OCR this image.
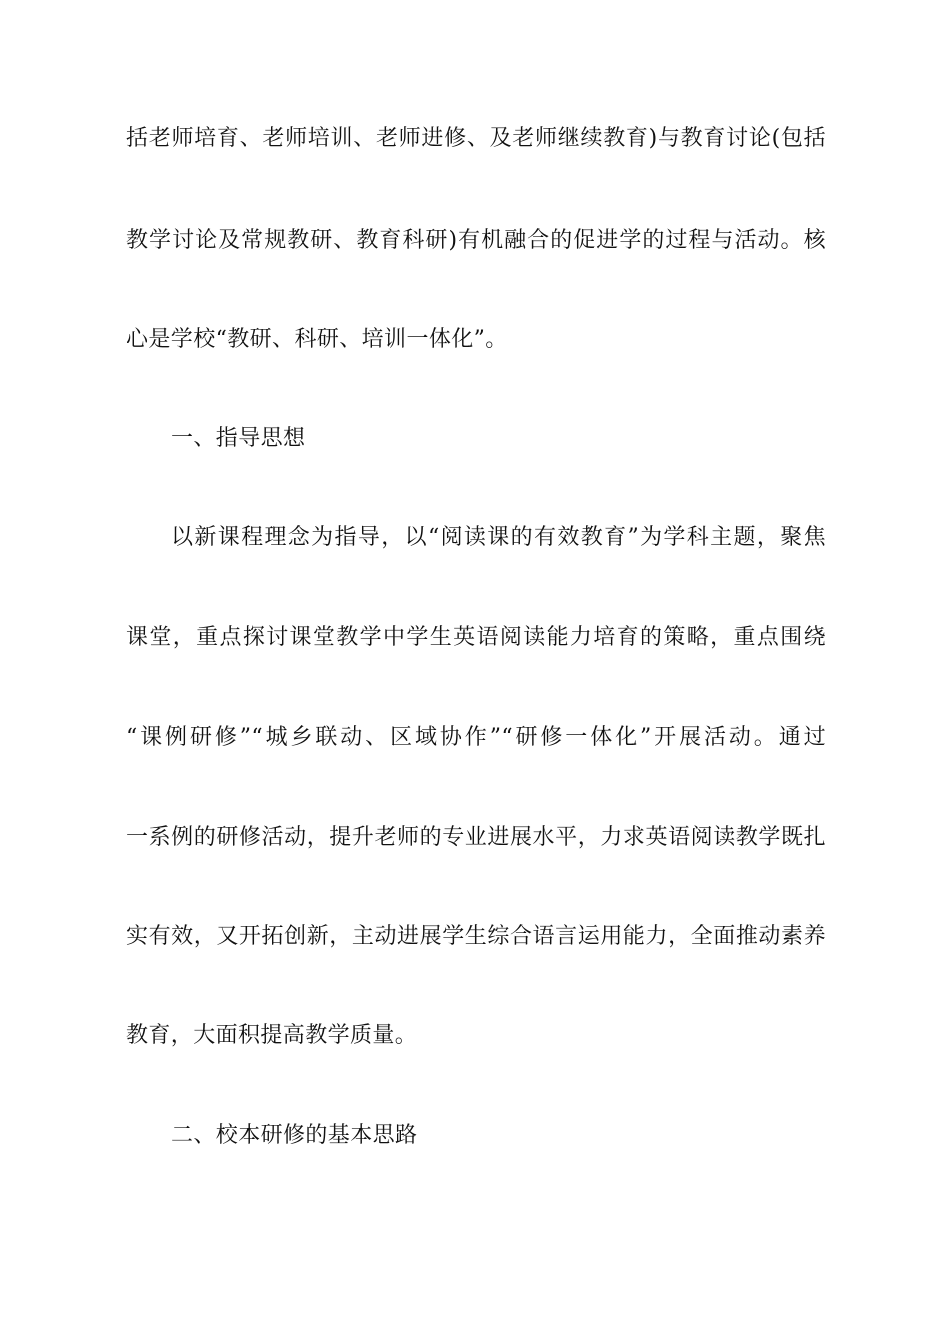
括老师培育、老师培训、老师进修、及老师继续教育)与教育讨论(包括
教学讨论及常规教研、教育科研)有机融合的促进学的过程与活动。核
心是学校“教研、科研、培训一体化”。
一、指导思想
以新课程理念为指导，以“阅读课的有效教育”为学科主题，聚焦
课堂，重点探讨课堂教学中学生英语阅读能力培育的策略，重点围绕
“课例研修”“城乡联动、区域协作”“研修一体化”开展活动。通过
一系例的研修活动，提升老师的专业进展水平，力求英语阅读教学既扎
实有效，又开拓创新，主动进展学生综合语言运用能力，全面推动素养
教育，大面积提高教学质量。
二、校本研修的基本思路
